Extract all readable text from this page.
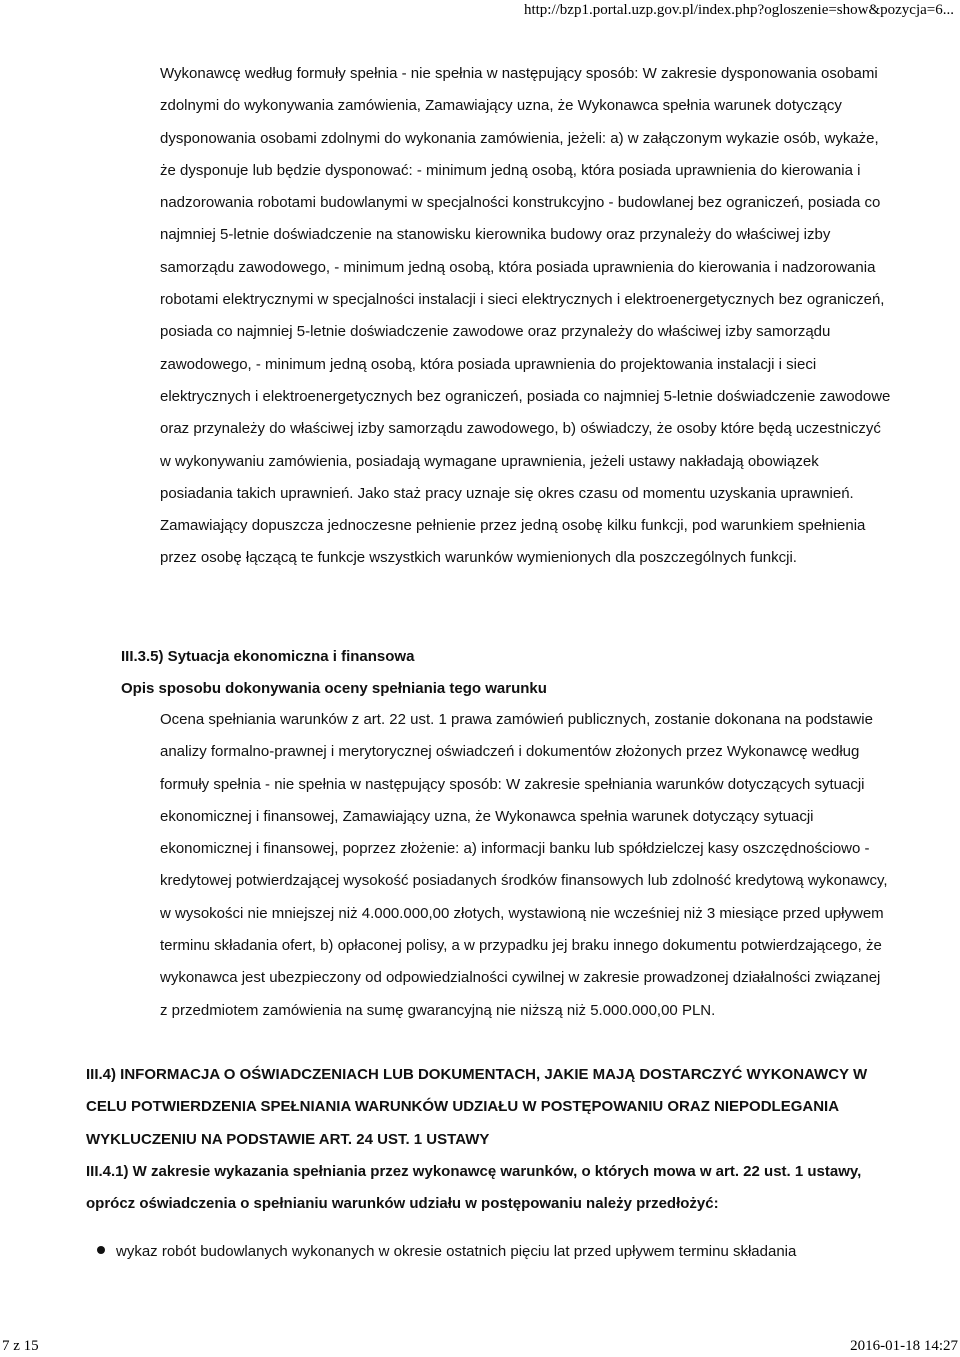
http://bzp1.portal.uzp.gov.pl/index.php?ogloszenie=show&pozycja=6...

Wykonawcę według formuły spełnia - nie spełnia w następujący sposób: W zakresie dysponowania osobami zdolnymi do wykonywania zamówienia, Zamawiający uzna, że Wykonawca spełnia warunek dotyczący dysponowania osobami zdolnymi do wykonania zamówienia, jeżeli: a) w załączonym wykazie osób, wykaże, że dysponuje lub będzie dysponować: - minimum jedną osobą, która posiada uprawnienia do kierowania i nadzorowania robotami budowlanymi w specjalności konstrukcyjno - budowlanej bez ograniczeń, posiada co najmniej 5-letnie doświadczenie na stanowisku kierownika budowy oraz przynależy do właściwej izby samorządu zawodowego, - minimum jedną osobą, która posiada uprawnienia do kierowania i nadzorowania robotami elektrycznymi w specjalności instalacji i sieci elektrycznych i elektroenergetycznych bez ograniczeń, posiada co najmniej 5-letnie doświadczenie zawodowe oraz przynależy do właściwej izby samorządu zawodowego, - minimum jedną osobą, która posiada uprawnienia do projektowania instalacji i sieci elektrycznych i elektroenergetycznych bez ograniczeń, posiada co najmniej 5-letnie doświadczenie zawodowe oraz przynależy do właściwej izby samorządu zawodowego, b) oświadczy, że osoby które będą uczestniczyć w wykonywaniu zamówienia, posiadają wymagane uprawnienia, jeżeli ustawy nakładają obowiązek posiadania takich uprawnień. Jako staż pracy uznaje się okres czasu od momentu uzyskania uprawnień. Zamawiający dopuszcza jednoczesne pełnienie przez jedną osobę kilku funkcji, pod warunkiem spełnienia przez osobę łączącą te funkcje wszystkich warunków wymienionych dla poszczególnych funkcji.

III.3.5) Sytuacja ekonomiczna i finansowa
Opis sposobu dokonywania oceny spełniania tego warunku

Ocena spełniania warunków z art. 22 ust. 1 prawa zamówień publicznych, zostanie dokonana na podstawie analizy formalno-prawnej i merytorycznej oświadczeń i dokumentów złożonych przez Wykonawcę według formuły spełnia - nie spełnia w następujący sposób: W zakresie spełniania warunków dotyczących sytuacji ekonomicznej i finansowej, Zamawiający uzna, że Wykonawca spełnia warunek dotyczący sytuacji ekonomicznej i finansowej, poprzez złożenie: a) informacji banku lub spółdzielczej kasy oszczędnościowo - kredytowej potwierdzającej wysokość posiadanych środków finansowych lub zdolność kredytową wykonawcy, w wysokości nie mniejszej niż 4.000.000,00 złotych, wystawioną nie wcześniej niż 3 miesiące przed upływem terminu składania ofert, b) opłaconej polisy, a w przypadku jej braku innego dokumentu potwierdzającego, że wykonawca jest ubezpieczony od odpowiedzialności cywilnej w zakresie prowadzonej działalności związanej z przedmiotem zamówienia na sumę gwarancyjną nie niższą niż 5.000.000,00 PLN.

III.4) INFORMACJA O OŚWIADCZENIACH LUB DOKUMENTACH, JAKIE MAJĄ DOSTARCZYĆ WYKONAWCY W CELU POTWIERDZENIA SPEŁNIANIA WARUNKÓW UDZIAŁU W POSTĘPOWANIU ORAZ NIEPODLEGANIA WYKLUCZENIU NA PODSTAWIE ART. 24 UST. 1 USTAWY
III.4.1) W zakresie wykazania spełniania przez wykonawcę warunków, o których mowa w art. 22 ust. 1 ustawy, oprócz oświadczenia o spełnianiu warunków udziału w postępowaniu należy przedłożyć:
wykaz robót budowlanych wykonanych w okresie ostatnich pięciu lat przed upływem terminu składania
7 z 15	2016-01-18 14:27
